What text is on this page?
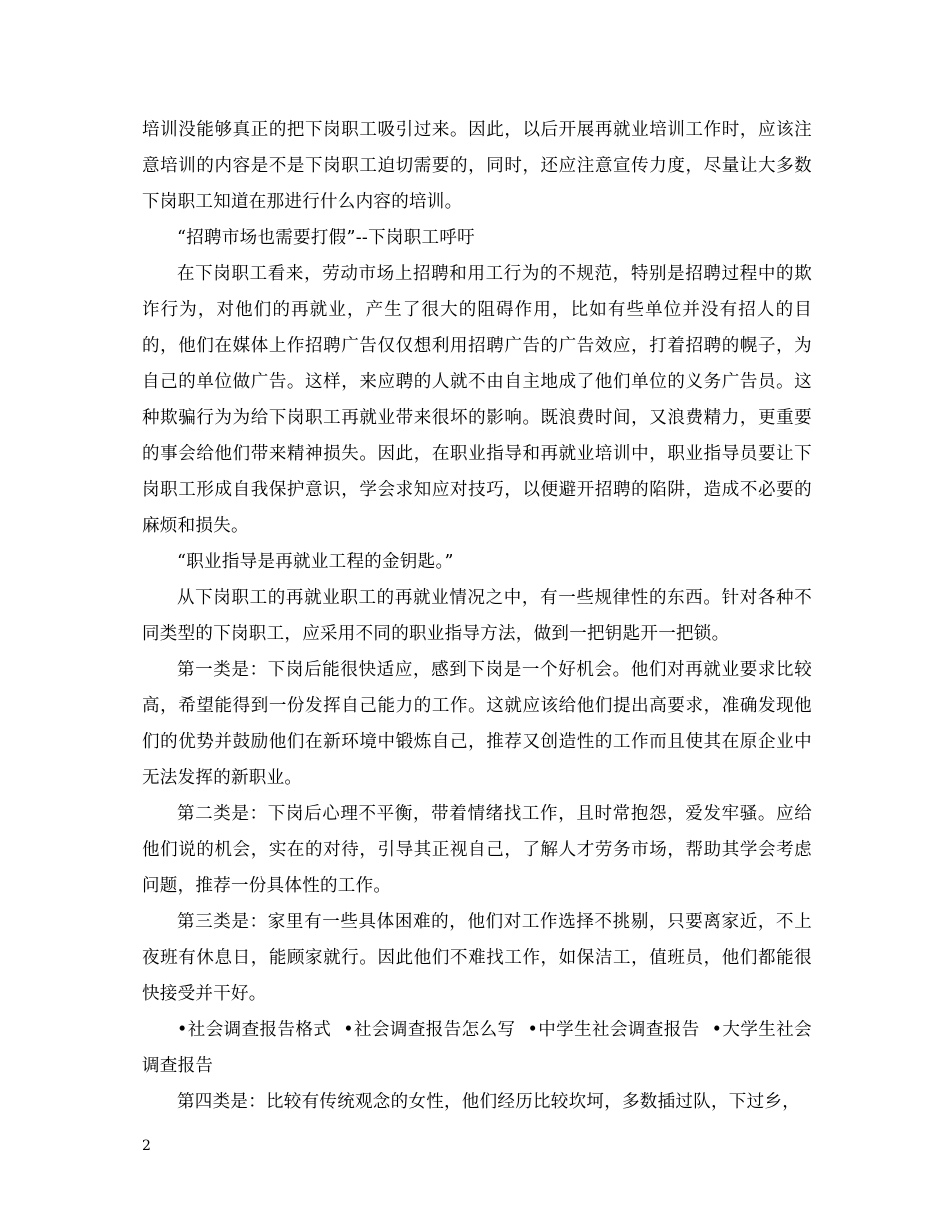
培训没能够真正的把下岗职工吸引过来。因此，以后开展再就业培训工作时，应该注意培训的内容是不是下岗职工迫切需要的，同时，还应注意宣传力度，尽量让大多数下岗职工知道在那进行什么内容的培训。

“招聘市场也需要打假”--下岗职工呼吁

在下岗职工看来，劳动市场上招聘和用工行为的不规范，特别是招聘过程中的欺诈行为，对他们的再就业，产生了很大的阻碍作用，比如有些单位并没有招人的目的，他们在媒体上作招聘广告仅仅想利用招聘广告的广告效应，打着招聘的幌子，为自己的单位做广告。这样，来应聘的人就不由自主地成了他们单位的义务广告员。这种欺骗行为为给下岗职工再就业带来很坏的影响。既浪费时间，又浪费精力，更重要的事会给他们带来精神损失。因此，在职业指导和再就业培训中，职业指导员要让下岗职工形成自我保护意识，学会求知应对技巧，以便避开招聘的陷阱，造成不必要的麻烦和损失。

“职业指导是再就业工程的金钥匙。”

从下岗职工的再就业职工的再就业情况之中，有一些规律性的东西。针对各种不同类型的下岗职工，应采用不同的职业指导方法，做到一把钥匙开一把锁。

第一类是：下岗后能很快适应，感到下岗是一个好机会。他们对再就业要求比较高，希望能得到一份发挥自己能力的工作。这就应该给他们提出高要求，准确发现他们的优势并鼓励他们在新环境中锻炼自己，推荐又创造性的工作而且使其在原企业中无法发挥的新职业。

第二类是：下岗后心理不平衡，带着情绪找工作，且时常抱怨，爱发牢骚。应给他们说的机会，实在的对待，引导其正视自己，了解人才劳务市场，帮助其学会考虑问题，推荐一份具体性的工作。

第三类是：家里有一些具体困难的，他们对工作选择不挑剔，只要离家近，不上夜班有休息日，能顾家就行。因此他们不难找工作，如保洁工，值班员，他们都能很快接受并干好。

•社会调查报告格式 •社会调查报告怎么写 •中学生社会调查报告 •大学生社会调查报告

第四类是：比较有传统观念的女性，他们经历比较坎坷，多数插过队，下过乡，

2
